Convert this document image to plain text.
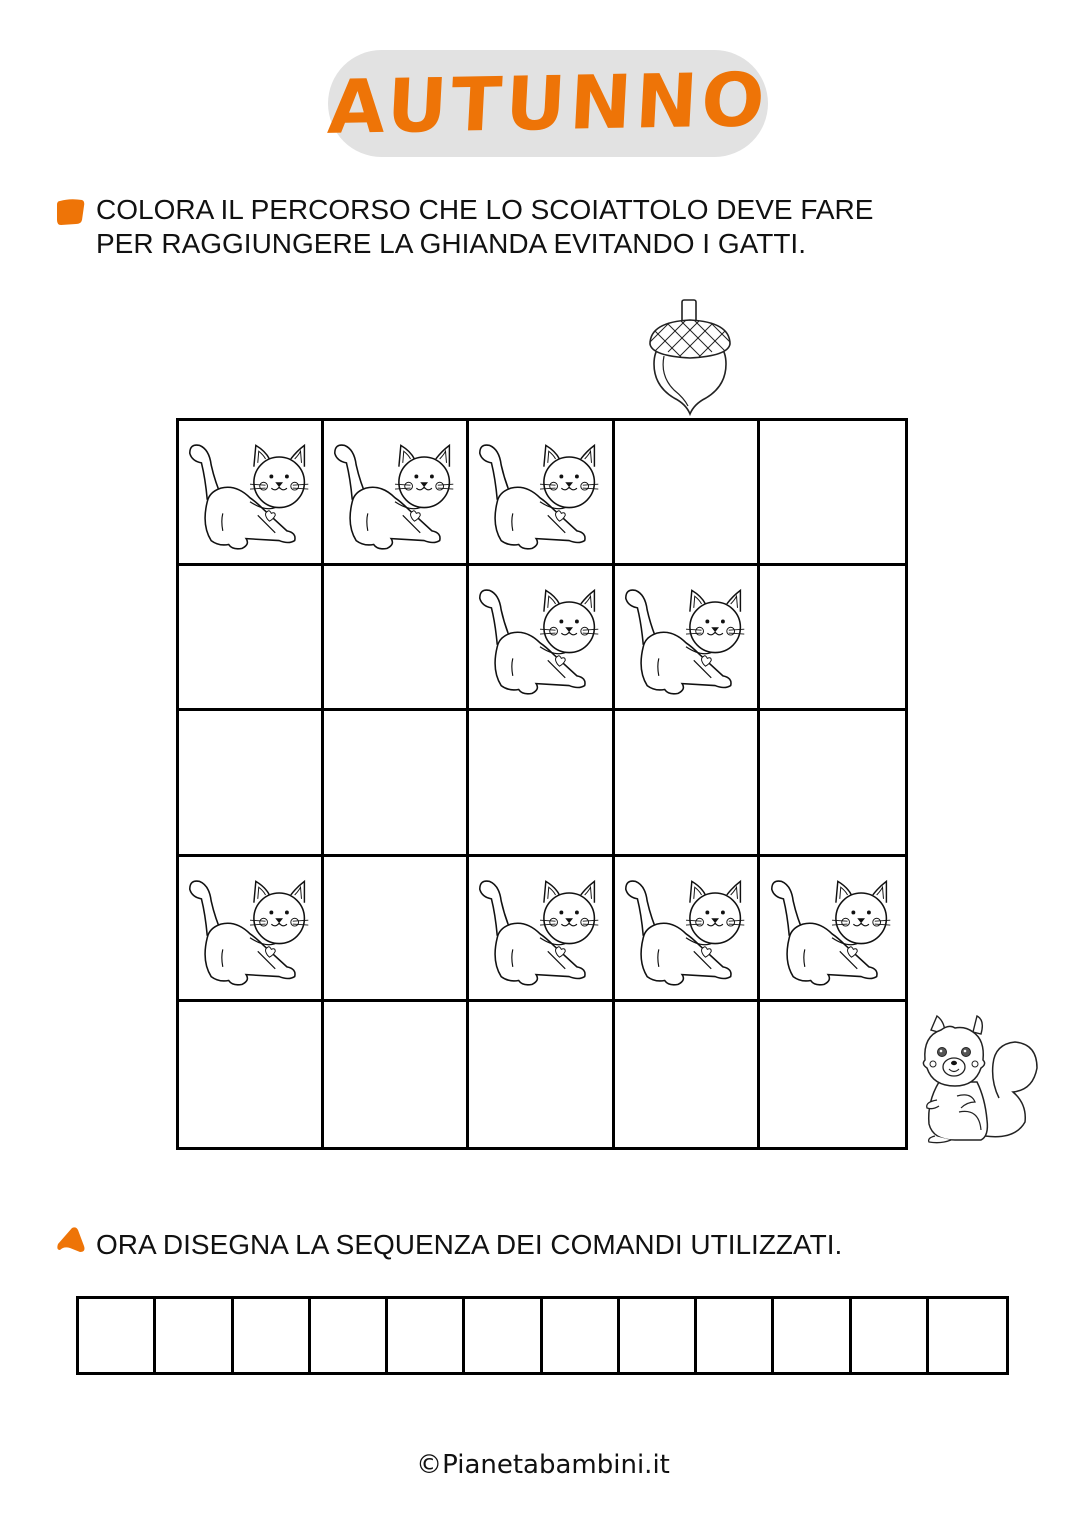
AUTUNNO
COLORA IL PERCORSO CHE LO SCOIATTOLO DEVE FARE
PER RAGGIUNGERE LA GHIANDA EVITANDO I GATTI.
ORA DISEGNA LA SEQUENZA DEI COMANDI UTILIZZATI.
©Pianetabambini.it
